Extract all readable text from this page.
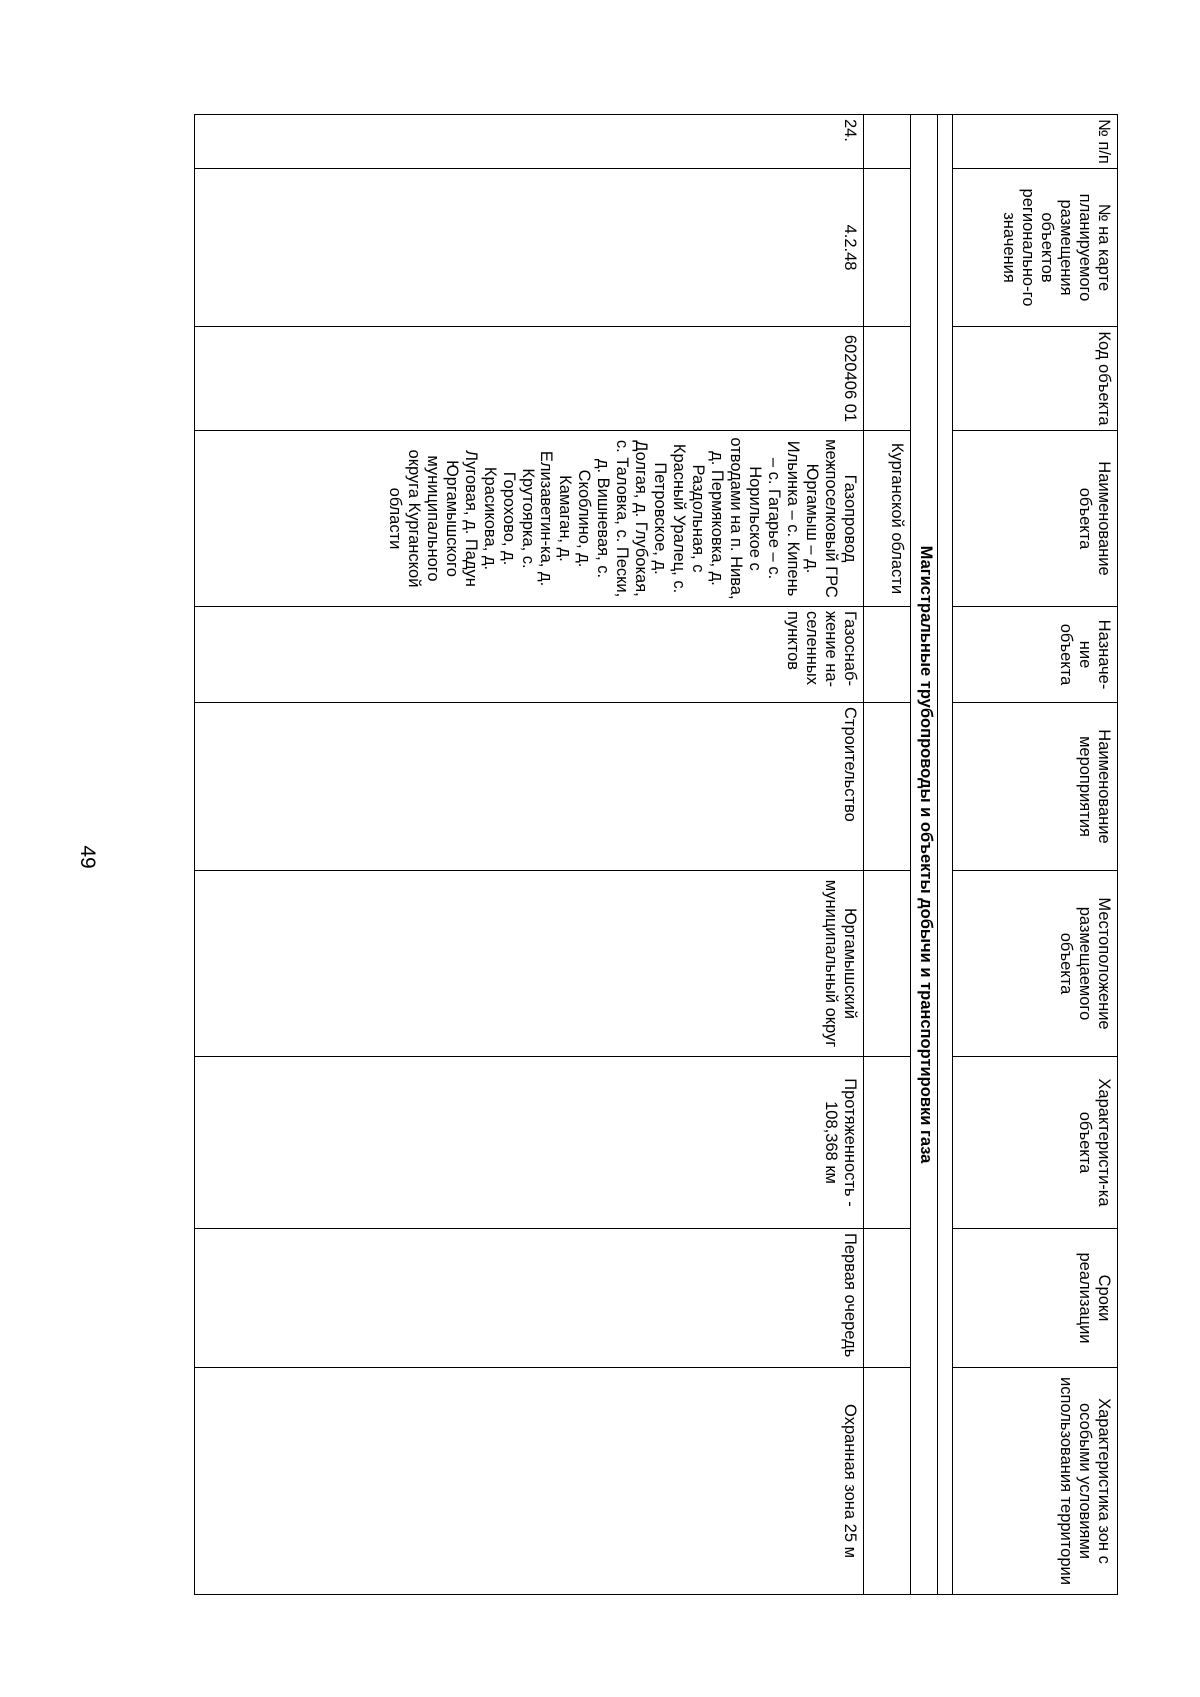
49
№ п/п	№ на карте планируемого размещения объектов регионально-го значения	Код объекта	Наименование объекта	Назначе-ние объекта	Наименование мероприятия	Местоположение размещаемого объекта	Характеристи-ка объекта	Сроки реализации	Характеристика зон с особыми условиями использования территории

Магистральные трубопроводы и объекты добычи и транспортировки газа									
			Курганской области						
24.	4.2.48	6020406 01	Газопровод межпоселковый ГРС Юргамыш – д. Ильинка – с. Кипень – с. Гагарье – с. Норильское с отводами на п. Нива, д. Пермяковка, д. Раздольная, с Красный Уралец, с. Петровское, д. Долгая, д. Глубокая, с. Таловка, с. Пески, д. Вишневая, с. Скоблино, д. Камаган, д. Елизаветин-ка, д. Крутоярка, с. Горохово, д. Красикова, д. Луговая, д. Падун Юргамышского муниципального округа Курганской области	Газоснаб-жение на-селенных пунктов	Строительство	Юргамышский муниципальный округ	Протяженность - 108,368 км	Первая очередь	Охранная зона 25 м
